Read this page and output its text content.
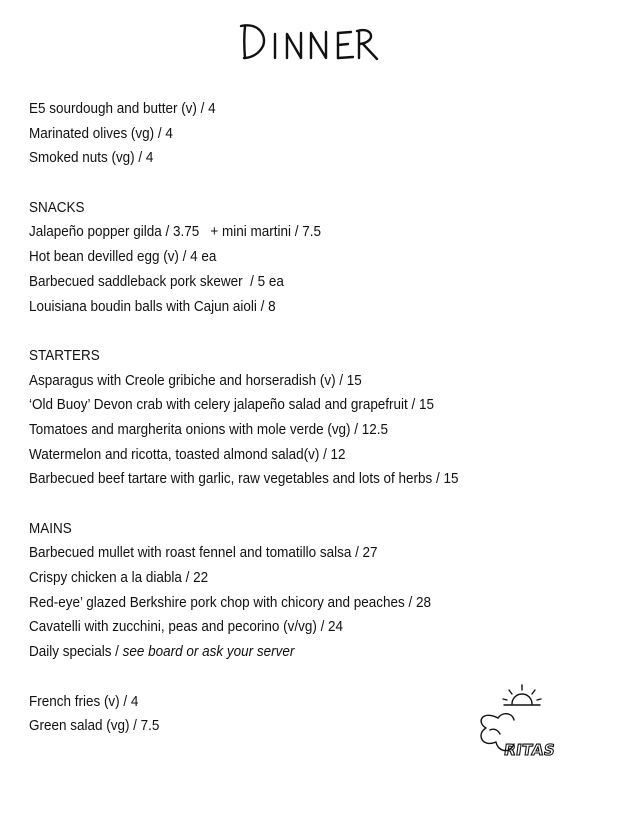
E5 sourdough and butter (v) / 4
Marinated olives (vg) / 4
Smoked nuts (vg) / 4
SNACKS
Jalapeño popper gilda / 3.75   + mini martini / 7.5
Hot bean devilled egg (v) / 4 ea
Barbecued saddleback pork skewer  / 5 ea
Louisiana boudin balls with Cajun aioli / 8
STARTERS
Asparagus with Creole gribiche and horseradish (v) / 15
‘Old Buoy’ Devon crab with celery jalapeño salad and grapefruit / 15
Tomatoes and margherita onions with mole verde (vg) / 12.5
Watermelon and ricotta, toasted almond salad(v) / 12
Barbecued beef tartare with garlic, raw vegetables and lots of herbs / 15
MAINS
Barbecued mullet with roast fennel and tomatillo salsa / 27
Crispy chicken a la diabla / 22
Red-eye’ glazed Berkshire pork chop with chicory and peaches / 28
Cavatelli with zucchini, peas and pecorino (v/vg) / 24
Daily specials / see board or ask your server
French fries (v) / 4
Green salad (vg) / 7.5
RITAS
